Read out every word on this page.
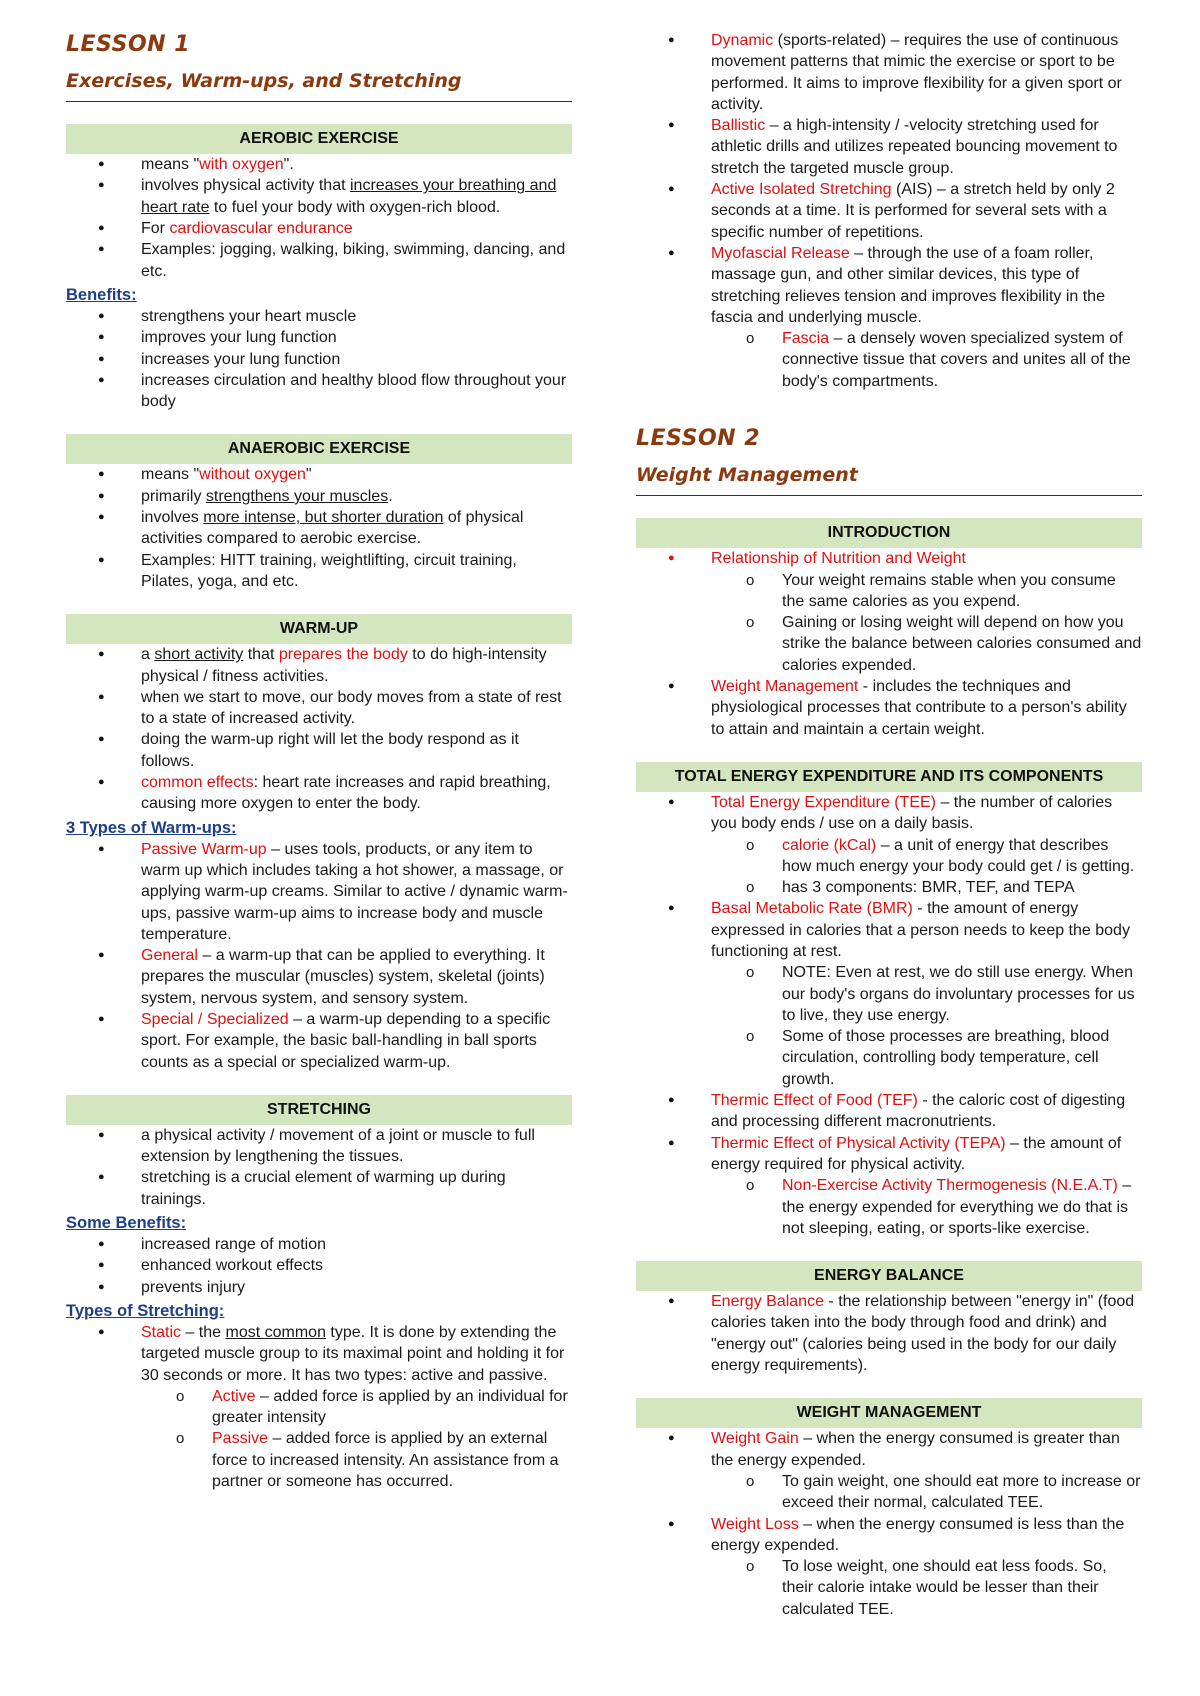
LESSON 1
Exercises, Warm-ups, and Stretching
AEROBIC EXERCISE
● means "with oxygen".
● involves physical activity that increases your breathing and heart rate to fuel your body with oxygen-rich blood.
● For cardiovascular endurance
● Examples: jogging, walking, biking, swimming, dancing, and etc.
Benefits:
● strengthens your heart muscle
● improves your lung function
● increases your lung function
● increases circulation and healthy blood flow throughout your body
ANAEROBIC EXERCISE
● means "without oxygen"
● primarily strengthens your muscles.
● involves more intense, but shorter duration of physical activities compared to aerobic exercise.
● Examples: HITT training, weightlifting, circuit training, Pilates, yoga, and etc.
WARM-UP
● a short activity that prepares the body to do high-intensity physical / fitness activities.
● when we start to move, our body moves from a state of rest to a state of increased activity.
● doing the warm-up right will let the body respond as it follows.
● common effects: heart rate increases and rapid breathing, causing more oxygen to enter the body.
3 Types of Warm-ups:
● Passive Warm-up – uses tools, products, or any item to warm up which includes taking a hot shower, a massage, or applying warm-up creams. Similar to active / dynamic warm-ups, passive warm-up aims to increase body and muscle temperature.
● General – a warm-up that can be applied to everything. It prepares the muscular (muscles) system, skeletal (joints) system, nervous system, and sensory system.
● Special / Specialized – a warm-up depending to a specific sport. For example, the basic ball-handling in ball sports counts as a special or specialized warm-up.
STRETCHING
● a physical activity / movement of a joint or muscle to full extension by lengthening the tissues.
● stretching is a crucial element of warming up during trainings.
Some Benefits:
● increased range of motion
● enhanced workout effects
● prevents injury
Types of Stretching:
● Static – the most common type. It is done by extending the targeted muscle group to its maximal point and holding it for 30 seconds or more. It has two types: active and passive.
o Active – added force is applied by an individual for greater intensity
o Passive – added force is applied by an external force to increased intensity. An assistance from a partner or someone has occurred.
● Dynamic (sports-related) – requires the use of continuous movement patterns that mimic the exercise or sport to be performed. It aims to improve flexibility for a given sport or activity.
● Ballistic – a high-intensity / -velocity stretching used for athletic drills and utilizes repeated bouncing movement to stretch the targeted muscle group.
● Active Isolated Stretching (AIS) – a stretch held by only 2 seconds at a time. It is performed for several sets with a specific number of repetitions.
● Myofascial Release – through the use of a foam roller, massage gun, and other similar devices, this type of stretching relieves tension and improves flexibility in the fascia and underlying muscle.
o Fascia – a densely woven specialized system of connective tissue that covers and unites all of the body's compartments.
LESSON 2
Weight Management
INTRODUCTION
● Relationship of Nutrition and Weight
o Your weight remains stable when you consume the same calories as you expend.
o Gaining or losing weight will depend on how you strike the balance between calories consumed and calories expended.
● Weight Management - includes the techniques and physiological processes that contribute to a person's ability to attain and maintain a certain weight.
TOTAL ENERGY EXPENDITURE AND ITS COMPONENTS
● Total Energy Expenditure (TEE) – the number of calories you body ends / use on a daily basis.
o calorie (kCal) – a unit of energy that describes how much energy your body could get / is getting.
o has 3 components: BMR, TEF, and TEPA
● Basal Metabolic Rate (BMR) - the amount of energy expressed in calories that a person needs to keep the body functioning at rest.
o NOTE: Even at rest, we do still use energy. When our body's organs do involuntary processes for us to live, they use energy.
o Some of those processes are breathing, blood circulation, controlling body temperature, cell growth.
● Thermic Effect of Food (TEF) - the caloric cost of digesting and processing different macronutrients.
● Thermic Effect of Physical Activity (TEPA) – the amount of energy required for physical activity.
o Non-Exercise Activity Thermogenesis (N.E.A.T) – the energy expended for everything we do that is not sleeping, eating, or sports-like exercise.
ENERGY BALANCE
● Energy Balance - the relationship between "energy in" (food calories taken into the body through food and drink) and "energy out" (calories being used in the body for our daily energy requirements).
WEIGHT MANAGEMENT
● Weight Gain – when the energy consumed is greater than the energy expended.
o To gain weight, one should eat more to increase or exceed their normal, calculated TEE.
● Weight Loss – when the energy consumed is less than the energy expended.
o To lose weight, one should eat less foods. So, their calorie intake would be lesser than their calculated TEE.
